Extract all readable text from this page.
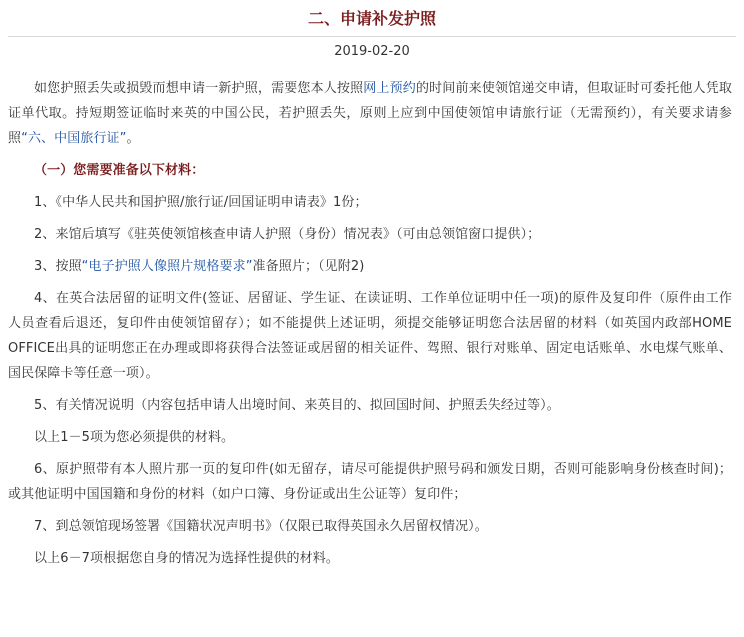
二、申请补发护照
2019-02-20

如您护照丢失或损毁而想申请一新护照，需要您本人按照网上预约的时间前来使领馆递交申请，但取证时可委托他人凭取证单代取。持短期签证临时来英的中国公民，若护照丢失，原则上应到中国使领馆申请旅行证（无需预约），有关要求请参照“六、中国旅行证”。

（一）您需要准备以下材料：

1、《中华人民共和国护照/旅行证/回国证明申请表》1份；

2、来馆后填写《驻英使领馆核查申请人护照（身份）情况表》（可由总领馆窗口提供）；

3、按照“电子护照人像照片规格要求”准备照片；（见附2)

4、在英合法居留的证明文件(签证、居留证、学生证、在读证明、工作单位证明中任一项)的原件及复印件（原件由工作人员查看后退还，复印件由使领馆留存）；如不能提供上述证明，须提交能够证明您合法居留的材料（如英国内政部HOME OFFICE出具的证明您正在办理或即将获得合法签证或居留的相关证件、驾照、银行对账单、固定电话账单、水电煤气账单、国民保障卡等任意一项）。

5、有关情况说明（内容包括申请人出境时间、来英目的、拟回国时间、护照丢失经过等）。

以上1－5项为您必须提供的材料。

6、原护照带有本人照片那一页的复印件(如无留存，请尽可能提供护照号码和颁发日期，否则可能影响身份核查时间)；或其他证明中国国籍和身份的材料（如户口簿、身份证或出生公证等）复印件；

7、到总领馆现场签署《国籍状况声明书》（仅限已取得英国永久居留权情况）。

以上6－7项根据您自身的情况为选择性提供的材料。
